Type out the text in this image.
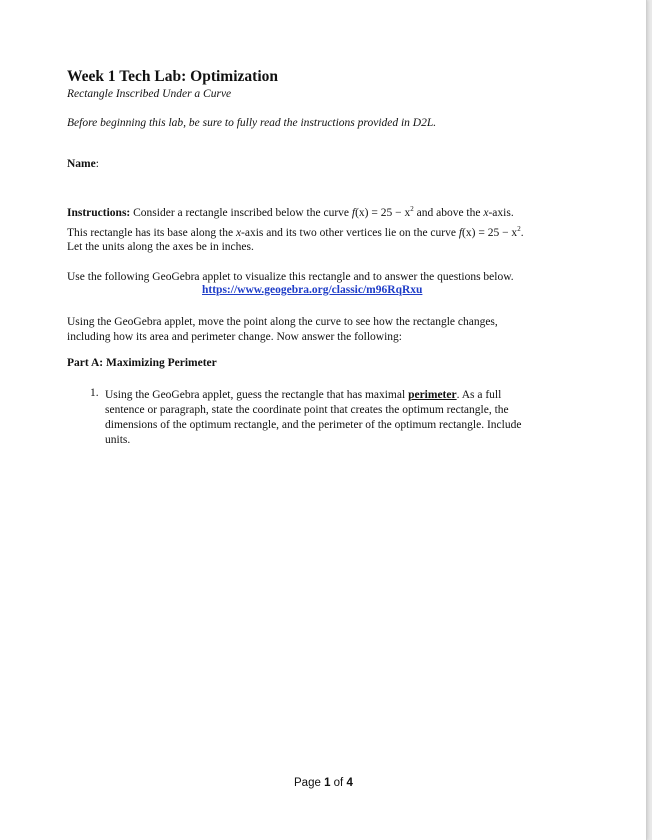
Week 1 Tech Lab: Optimization
Rectangle Inscribed Under a Curve
Before beginning this lab, be sure to fully read the instructions provided in D2L.
Name:
Instructions: Consider a rectangle inscribed below the curve $f(x) = 25 - x^2$ and above the x-axis.
This rectangle has its base along the x-axis and its two other vertices lie on the curve $f(x) = 25 - x^2$.
Let the units along the axes be in inches.
Use the following GeoGebra applet to visualize this rectangle and to answer the questions below.
https://www.geogebra.org/classic/m96RqRxu
Using the GeoGebra applet, move the point along the curve to see how the rectangle changes,
including how its area and perimeter change. Now answer the following:
Part A: Maximizing Perimeter
1. Using the GeoGebra applet, guess the rectangle that has maximal perimeter. As a full
sentence or paragraph, state the coordinate point that creates the optimum rectangle, the
dimensions of the optimum rectangle, and the perimeter of the optimum rectangle. Include
units.
Page 1 of 4
